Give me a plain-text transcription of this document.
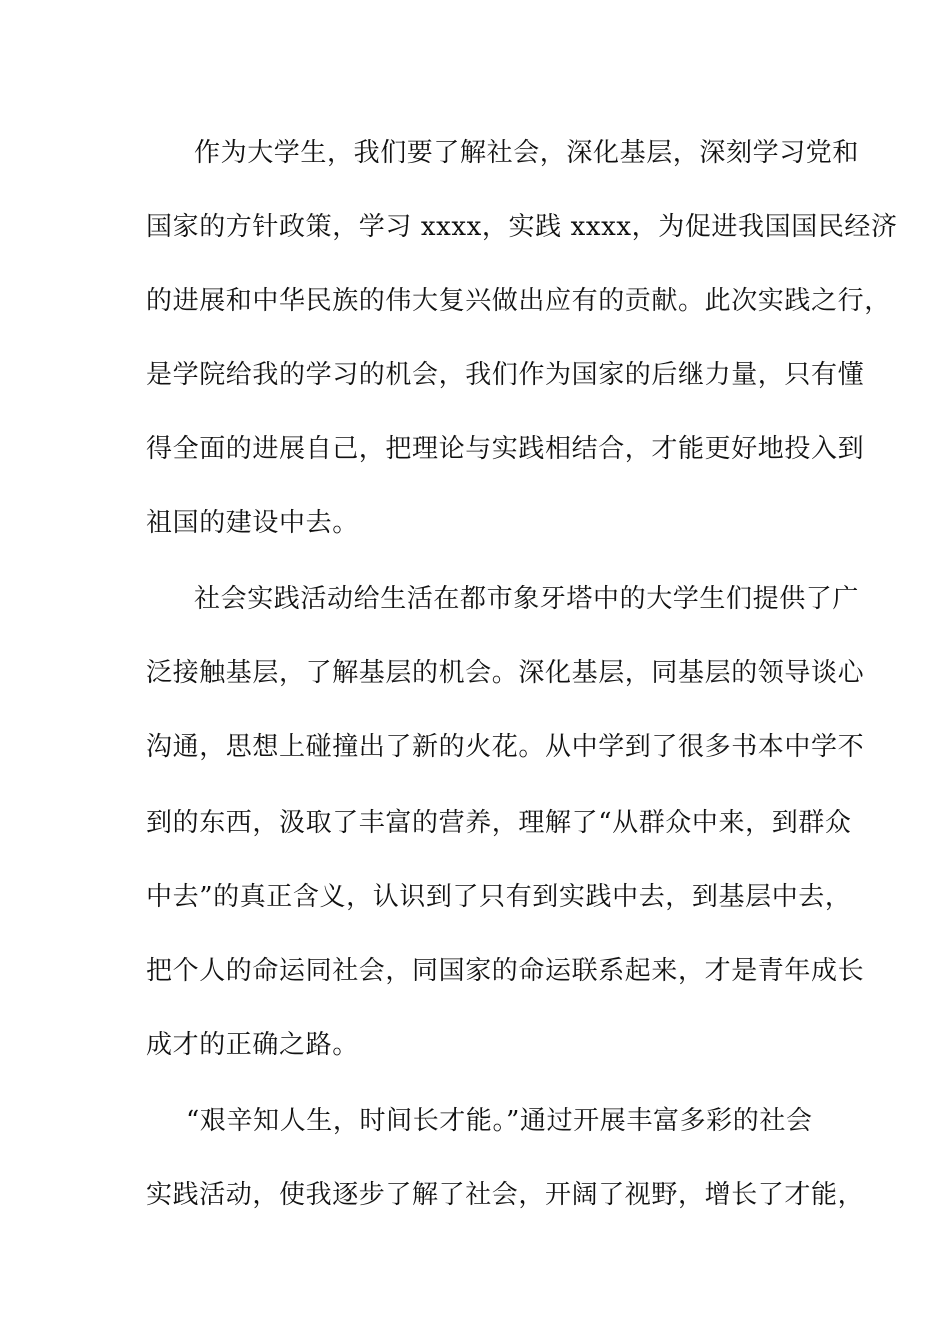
作为大学生，我们要了解社会，深化基层，深刻学习党和
国家的方针政策，学习 xxxx，实践 xxxx，为促进我国国民经济
的进展和中华民族的伟大复兴做出应有的贡献。此次实践之行，
是学院给我的学习的机会，我们作为国家的后继力量，只有懂
得全面的进展自己，把理论与实践相结合，才能更好地投入到
祖国的建设中去。
社会实践活动给生活在都市象牙塔中的大学生们提供了广
泛接触基层，了解基层的机会。深化基层，同基层的领导谈心
沟通，思想上碰撞出了新的火花。从中学到了很多书本中学不
到的东西，汲取了丰富的营养，理解了“从群众中来，到群众
中去”的真正含义，认识到了只有到实践中去，到基层中去，
把个人的命运同社会，同国家的命运联系起来，才是青年成长
成才的正确之路。
“艰辛知人生，时间长才能。”通过开展丰富多彩的社会
实践活动，使我逐步了解了社会，开阔了视野，增长了才能，
